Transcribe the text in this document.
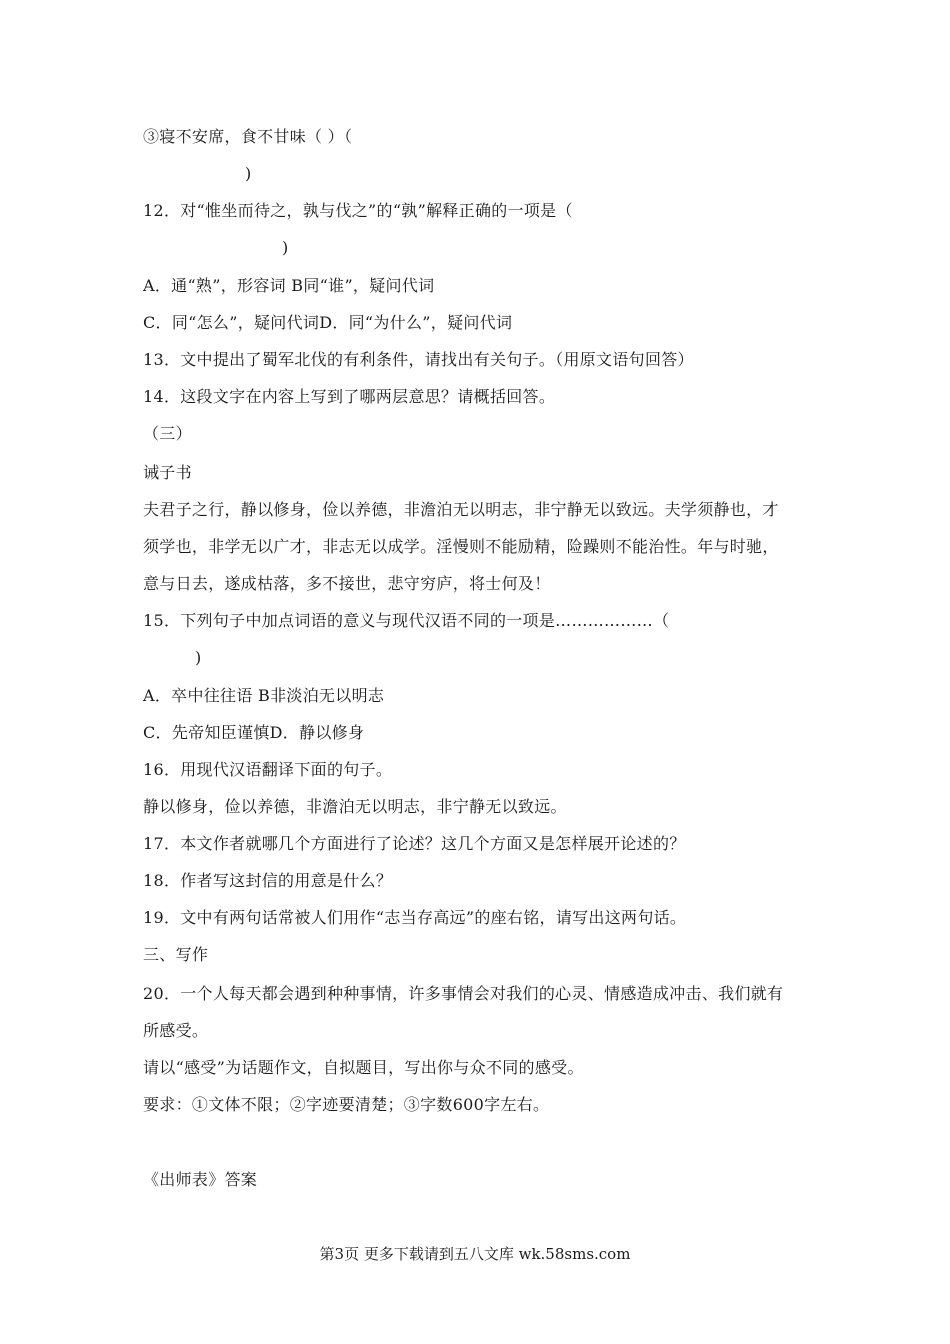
③寝不安席，食不甘味（ ）（
)
12．对“惟坐而待之，孰与伐之”的“孰”解释正确的一项是（
)
A．通“熟”，形容词 B同“谁”，疑问代词
C．同“怎么”，疑问代词D．同“为什么”，疑问代词
13．文中提出了蜀军北伐的有利条件，请找出有关句子。（用原文语句回答）
14．这段文字在内容上写到了哪两层意思？请概括回答。
（三）
诫子书
夫君子之行，静以修身，俭以养德，非澹泊无以明志，非宁静无以致远。夫学须静也，才
须学也，非学无以广才，非志无以成学。淫慢则不能励精，险躁则不能治性。年与时驰，
意与日去，遂成枯落，多不接世，悲守穷庐，将士何及！
15．下列句子中加点词语的意义与现代汉语不同的一项是………………（
)
A．卒中往往语 B非淡泊无以明志
C．先帝知臣谨慎D．静以修身
16．用现代汉语翻译下面的句子。
静以修身，俭以养德，非澹泊无以明志，非宁静无以致远。
17．本文作者就哪几个方面进行了论述？这几个方面又是怎样展开论述的？
18．作者写这封信的用意是什么？
19．文中有两句话常被人们用作“志当存高远”的座右铭，请写出这两句话。
三、写作
20．一个人每天都会遇到种种事情，许多事情会对我们的心灵、情感造成冲击、我们就有
所感受。
请以“感受”为话题作文，自拟题目，写出你与众不同的感受。
要求：①文体不限；②字迹要清楚；③字数600字左右。
《出师表》答案
第3页 更多下载请到五八文库 wk.58sms.com
